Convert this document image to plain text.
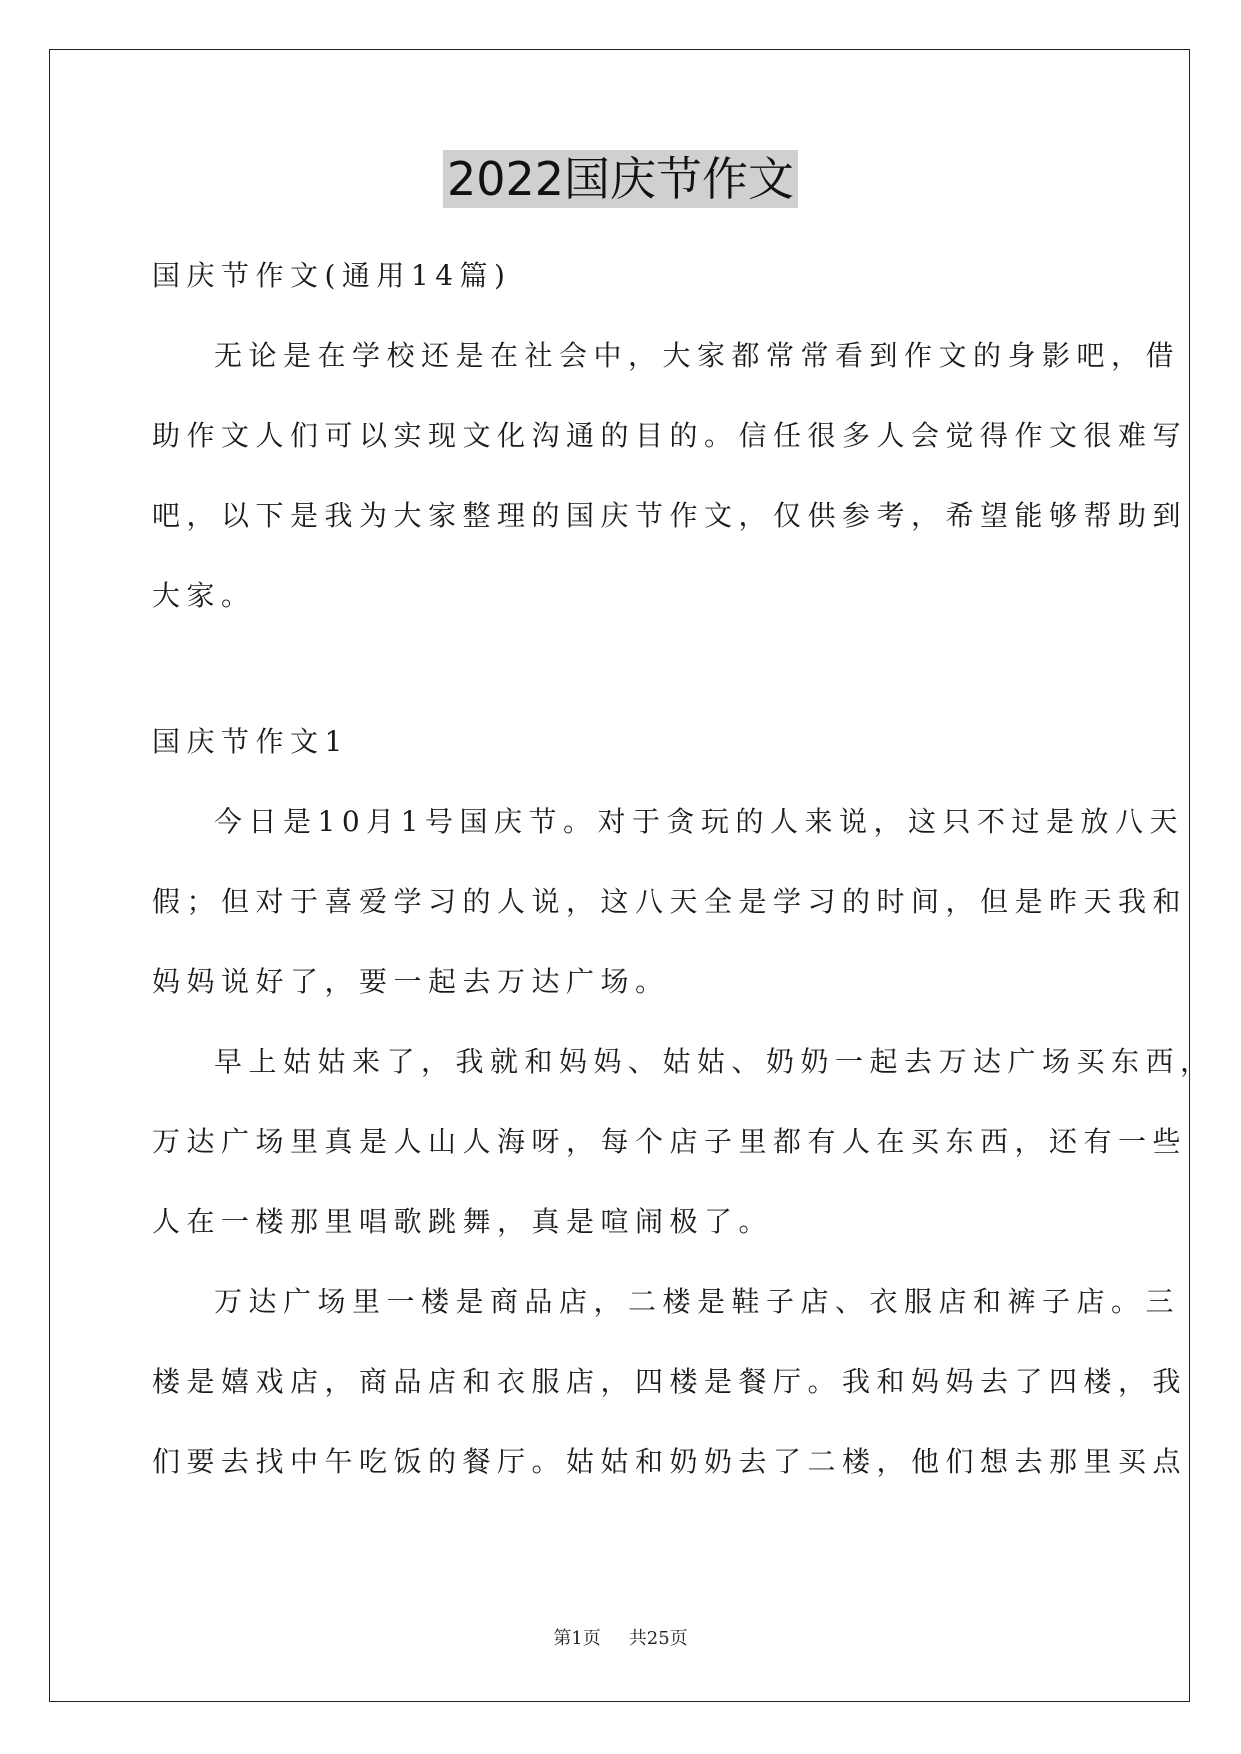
2022国庆节作文
国庆节作文(通用14篇)
无论是在学校还是在社会中，大家都常常看到作文的身影吧，借
助作文人们可以实现文化沟通的目的。信任很多人会觉得作文很难写
吧，以下是我为大家整理的国庆节作文，仅供参考，希望能够帮助到
大家。
国庆节作文1
今日是10月1号国庆节。对于贪玩的人来说，这只不过是放八天
假；但对于喜爱学习的人说，这八天全是学习的时间，但是昨天我和
妈妈说好了，要一起去万达广场。
早上姑姑来了，我就和妈妈、姑姑、奶奶一起去万达广场买东西，
万达广场里真是人山人海呀，每个店子里都有人在买东西，还有一些
人在一楼那里唱歌跳舞，真是喧闹极了。
万达广场里一楼是商品店，二楼是鞋子店、衣服店和裤子店。三
楼是嬉戏店，商品店和衣服店，四楼是餐厅。我和妈妈去了四楼，我
们要去找中午吃饭的餐厅。姑姑和奶奶去了二楼，他们想去那里买点
第1页 共25页
